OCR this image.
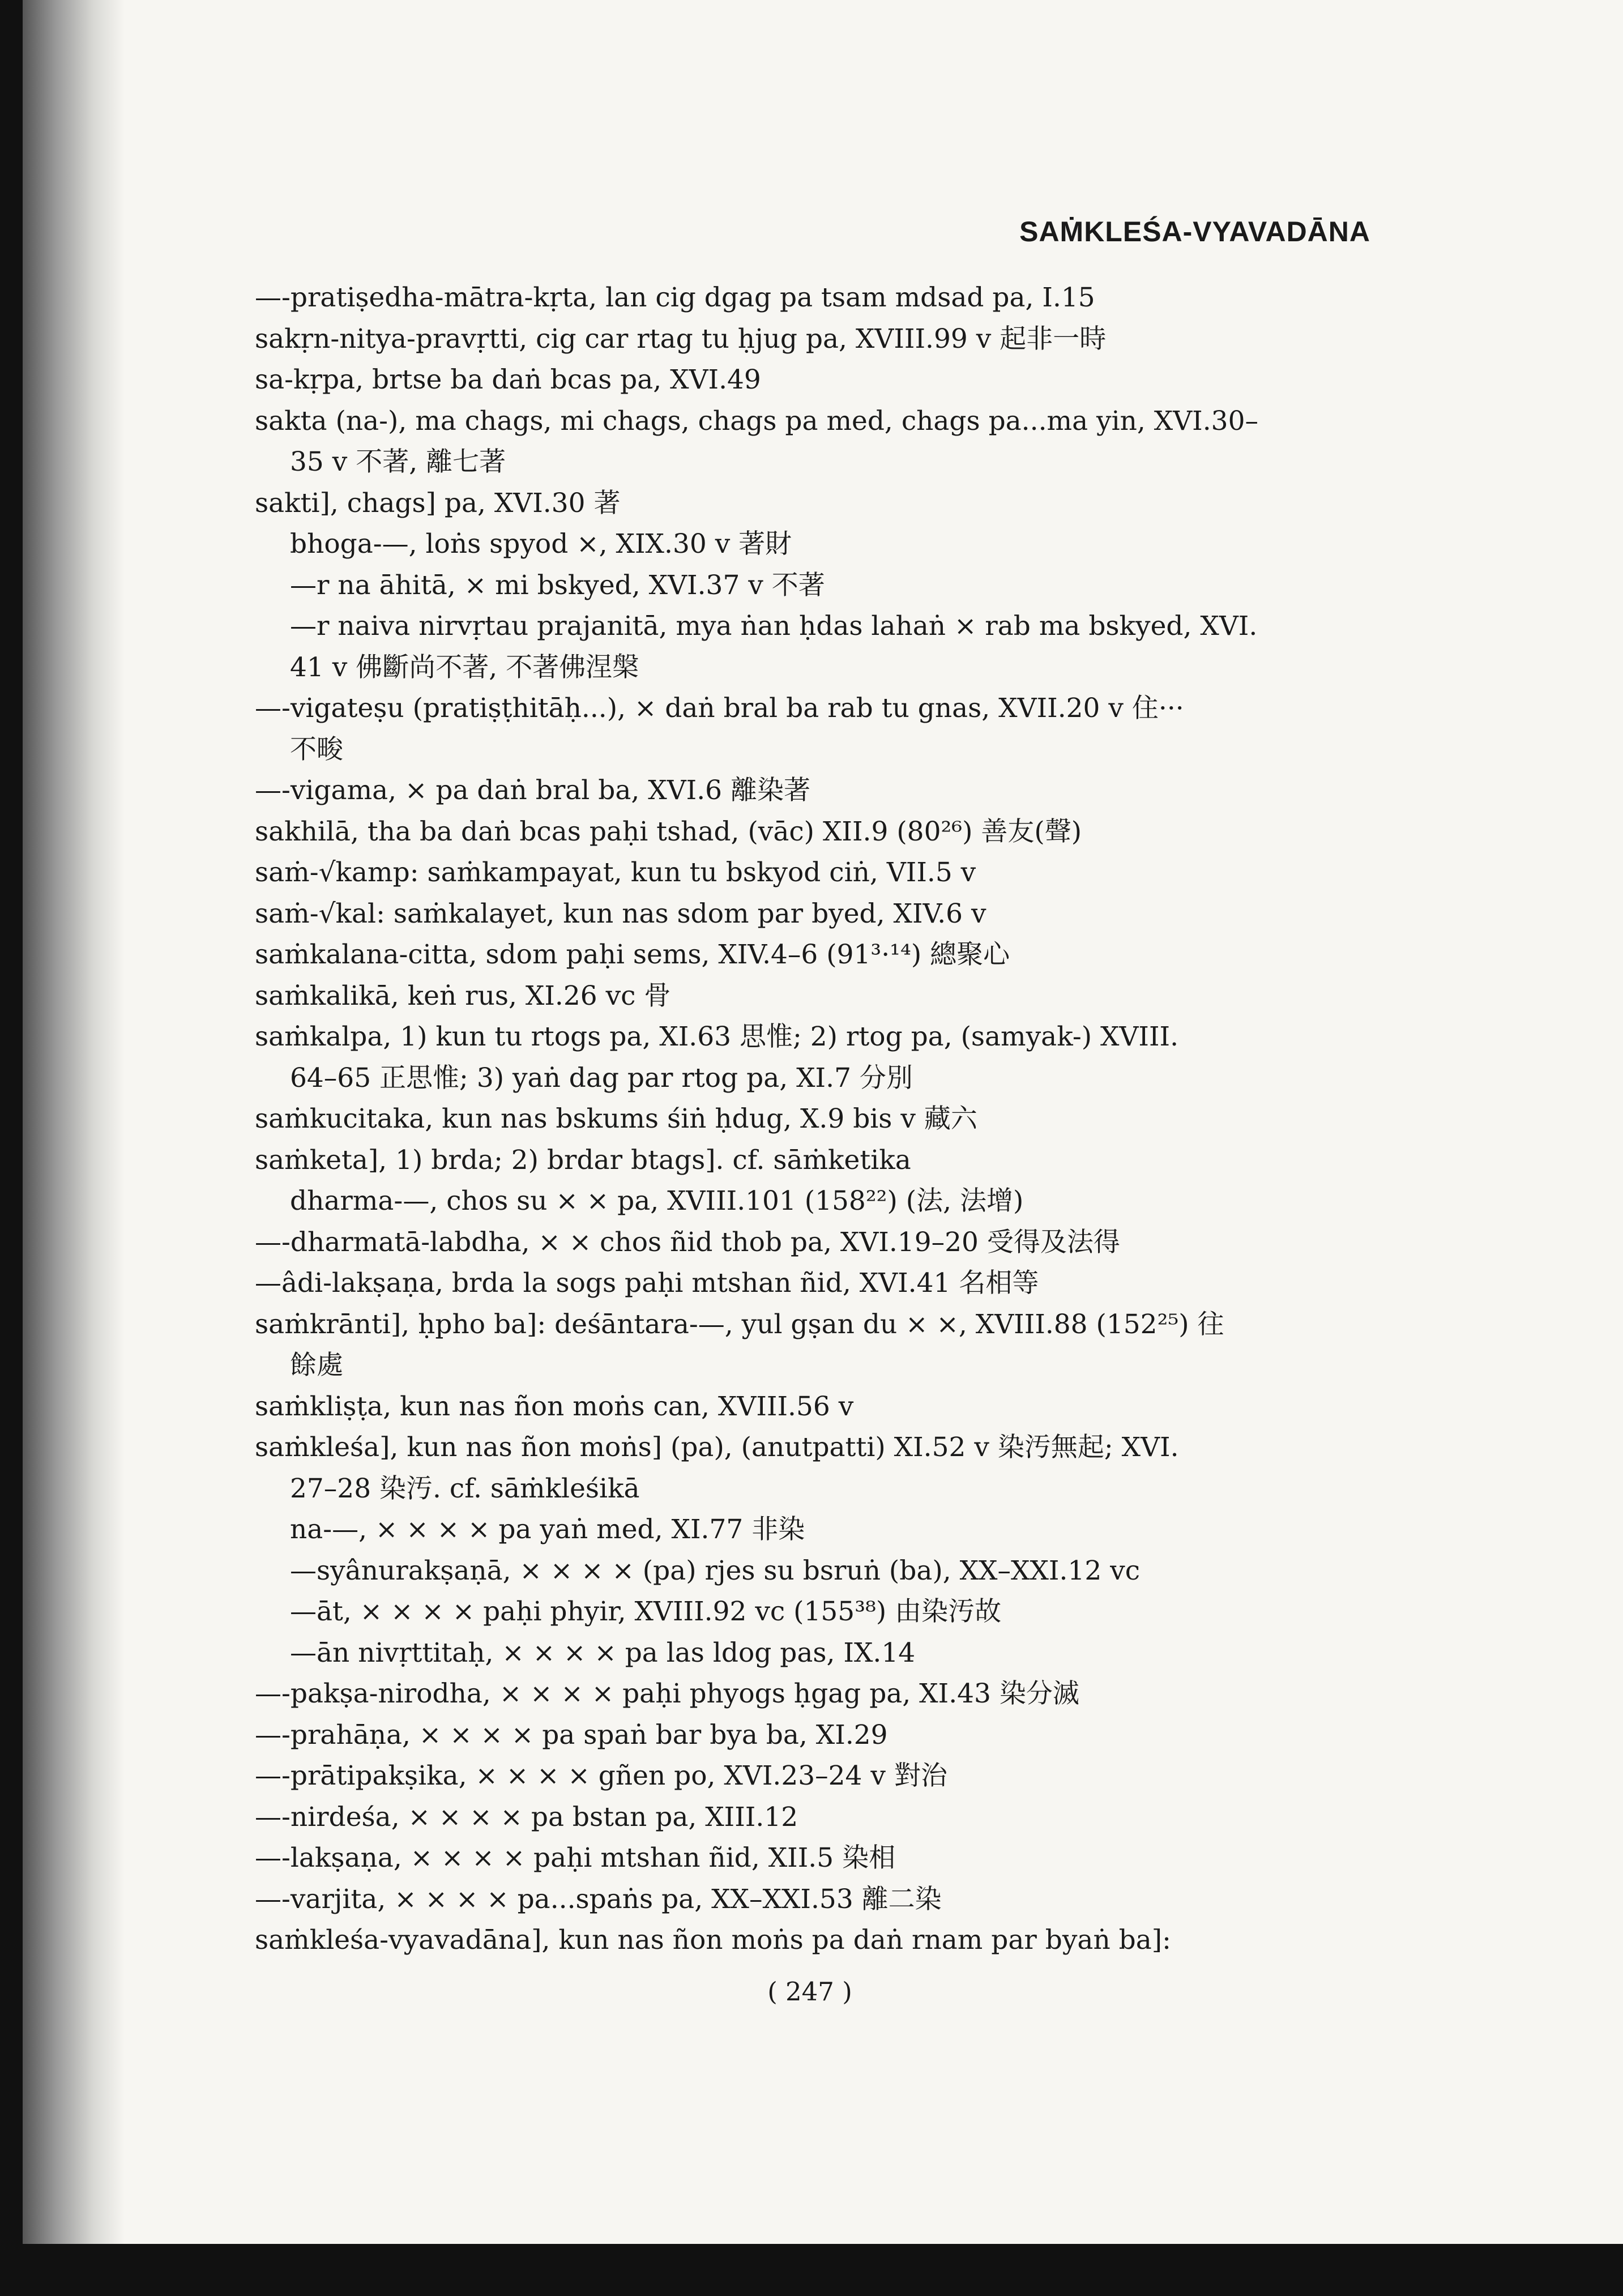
SAṀKLEŚA-VYAVADĀNA
—-pratiṣedha-mātra-kṛta, lan cig dgag pa tsam mdsad pa, I.15
sakṛn-nitya-pravṛtti, cig car rtag tu ḥjug pa, XVIII.99 v 起非一時
sa-kṛpa, brtse ba daṅ bcas pa, XVI.49
sakta (na-), ma chags, mi chags, chags pa med, chags pa...ma yin, XVI.30–
35 v 不著, 離七著
sakti], chags] pa, XVI.30 著
bhoga-—, loṅs spyod ×, XIX.30 v 著財
—r na āhitā, × mi bskyed, XVI.37 v 不著
—r naiva nirvṛtau prajanitā, mya ṅan ḥdas lahaṅ × rab ma bskyed, XVI.
41 v 佛斷尚不著, 不著佛涅槃
—-vigateṣu (pratiṣṭhitāḥ...), × daṅ bral ba rab tu gnas, XVII.20 v 住···
不畯
—-vigama, × pa daṅ bral ba, XVI.6 離染著
sakhilā, tha ba daṅ bcas paḥi tshad, (vāc) XII.9 (80²⁶) 善友(聲)
saṁ-√kamp: saṁkampayat, kun tu bskyod ciṅ, VII.5 v
saṁ-√kal: saṁkalayet, kun nas sdom par byed, XIV.6 v
saṁkalana-citta, sdom paḥi sems, XIV.4–6 (91³·¹⁴) 總聚心
saṁkalikā, keṅ rus, XI.26 vc 骨
saṁkalpa, 1) kun tu rtogs pa, XI.63 思惟; 2) rtog pa, (samyak-) XVIII.
64–65 正思惟; 3) yaṅ dag par rtog pa, XI.7 分別
saṁkucitaka, kun nas bskums śiṅ ḥdug, X.9 bis v 藏六
saṁketa], 1) brda; 2) brdar btags]. cf. sāṁketika
dharma-—, chos su × × pa, XVIII.101 (158²²) (法, 法增)
—-dharmatā-labdha, × × chos ñid thob pa, XVI.19–20 受得及法得
—âdi-lakṣaṇa, brda la sogs paḥi mtshan ñid, XVI.41 名相等
saṁkrānti], ḥpho ba]: deśāntara-—, yul gṣan du × ×, XVIII.88 (152²⁵) 往
餘處
saṁkliṣṭa, kun nas ñon moṅs can, XVIII.56 v
saṁkleśa], kun nas ñon moṅs] (pa), (anutpatti) XI.52 v 染汚無起; XVI.
27–28 染汚. cf. sāṁkleśikā
na-—, × × × × pa yaṅ med, XI.77 非染
—syânurakṣaṇā, × × × × (pa) rjes su bsruṅ (ba), XX–XXI.12 vc
—āt, × × × × paḥi phyir, XVIII.92 vc (155³⁸) 由染汚故
—ān nivṛttitaḥ, × × × × pa las ldog pas, IX.14
—-pakṣa-nirodha, × × × × paḥi phyogs ḥgag pa, XI.43 染分滅
—-prahāṇa, × × × × pa spaṅ bar bya ba, XI.29
—-prātipakṣika, × × × × gñen po, XVI.23–24 v 對治
—-nirdeśa, × × × × pa bstan pa, XIII.12
—-lakṣaṇa, × × × × paḥi mtshan ñid, XII.5 染相
—-varjita, × × × × pa...spaṅs pa, XX–XXI.53 離二染
saṁkleśa-vyavadāna], kun nas ñon moṅs pa daṅ rnam par byaṅ ba]:
( 247 )
